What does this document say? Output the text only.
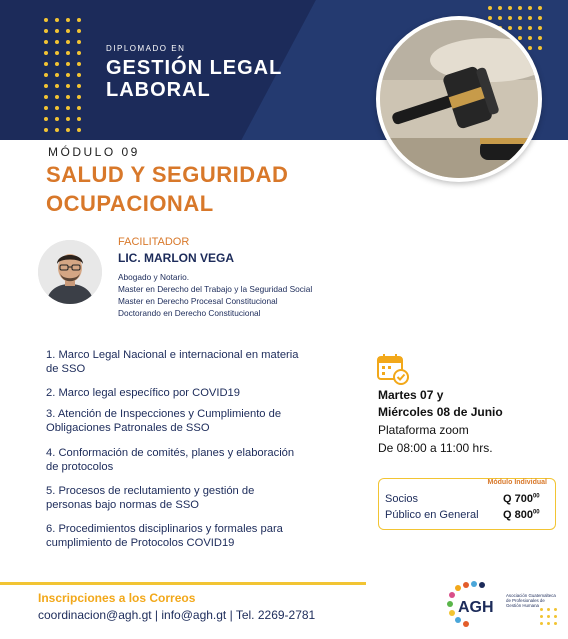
DIPLOMADO EN
GESTIÓN LEGAL
LABORAL
MÓDULO 09
SALUD Y SEGURIDAD
OCUPACIONAL
FACILITADOR
LIC. MARLON VEGA
Abogado y Notario.
Master en Derecho del Trabajo y la Seguridad Social
Master en Derecho Procesal Constitucional
Doctorando en Derecho Constitucional
1. Marco Legal Nacional e internacional en materia
de SSO
2. Marco legal específico por COVID19
3. Atención de Inspecciones y Cumplimiento de
Obligaciones Patronales de SSO
4. Conformación de comités, planes y elaboración
de protocolos
5. Procesos de reclutamiento y gestión de
personas bajo normas de SSO
6. Procedimientos disciplinarios y formales para
cumplimiento de Protocolos COVID19
Martes 07 y
Miércoles 08 de Junio
Plataforma zoom
De 08:00 a 11:00 hrs.
Módulo Individual
Socios	Q $700^{00}$
Público en General Q $800^{00}$
Inscripciones a los Correos
coordinacion@agh.gt | info@agh.gt | Tel. 2269-2781	AGH
Asociación Guatemalteca de Profesionales de Gestión Humana
